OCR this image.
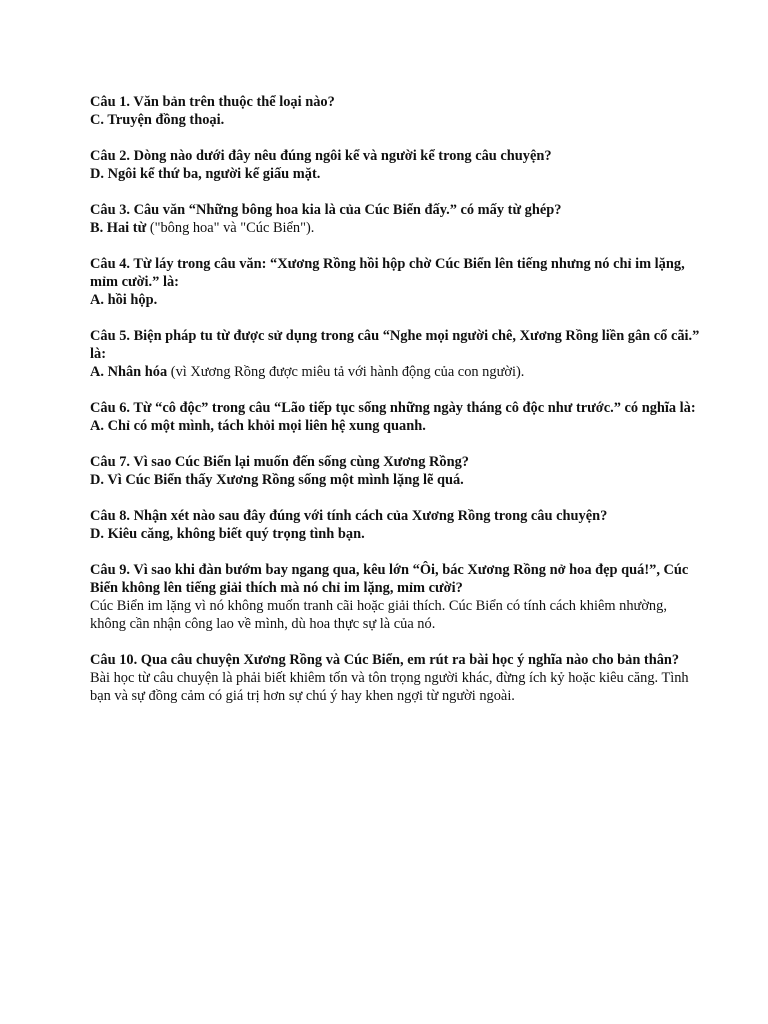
Câu 1. Văn bản trên thuộc thể loại nào?
C. Truyện đồng thoại.
Câu 2. Dòng nào dưới đây nêu đúng ngôi kể và người kể trong câu chuyện?
D. Ngôi kể thứ ba, người kể giấu mặt.
Câu 3. Câu văn “Những bông hoa kia là của Cúc Biển đấy.” có mấy từ ghép?
B. Hai từ ("bông hoa" và "Cúc Biển").
Câu 4. Từ láy trong câu văn: “Xương Rồng hồi hộp chờ Cúc Biển lên tiếng nhưng nó chỉ im lặng, mỉm cười.” là:
A. hồi hộp.
Câu 5. Biện pháp tu từ được sử dụng trong câu “Nghe mọi người chê, Xương Rồng liền gân cổ cãi.” là:
A. Nhân hóa (vì Xương Rồng được miêu tả với hành động của con người).
Câu 6. Từ “cô độc” trong câu “Lão tiếp tục sống những ngày tháng cô độc như trước.” có nghĩa là:
A. Chỉ có một mình, tách khỏi mọi liên hệ xung quanh.
Câu 7. Vì sao Cúc Biển lại muốn đến sống cùng Xương Rồng?
D. Vì Cúc Biển thấy Xương Rồng sống một mình lặng lẽ quá.
Câu 8. Nhận xét nào sau đây đúng với tính cách của Xương Rồng trong câu chuyện?
D. Kiêu căng, không biết quý trọng tình bạn.
Câu 9. Vì sao khi đàn bướm bay ngang qua, kêu lớn “Ôi, bác Xương Rồng nở hoa đẹp quá!”, Cúc Biển không lên tiếng giải thích mà nó chỉ im lặng, mỉm cười?
Cúc Biển im lặng vì nó không muốn tranh cãi hoặc giải thích. Cúc Biển có tính cách khiêm nhường, không cần nhận công lao về mình, dù hoa thực sự là của nó.
Câu 10. Qua câu chuyện Xương Rồng và Cúc Biển, em rút ra bài học ý nghĩa nào cho bản thân?
Bài học từ câu chuyện là phải biết khiêm tốn và tôn trọng người khác, đừng ích kỷ hoặc kiêu căng. Tình bạn và sự đồng cảm có giá trị hơn sự chú ý hay khen ngợi từ người ngoài.
